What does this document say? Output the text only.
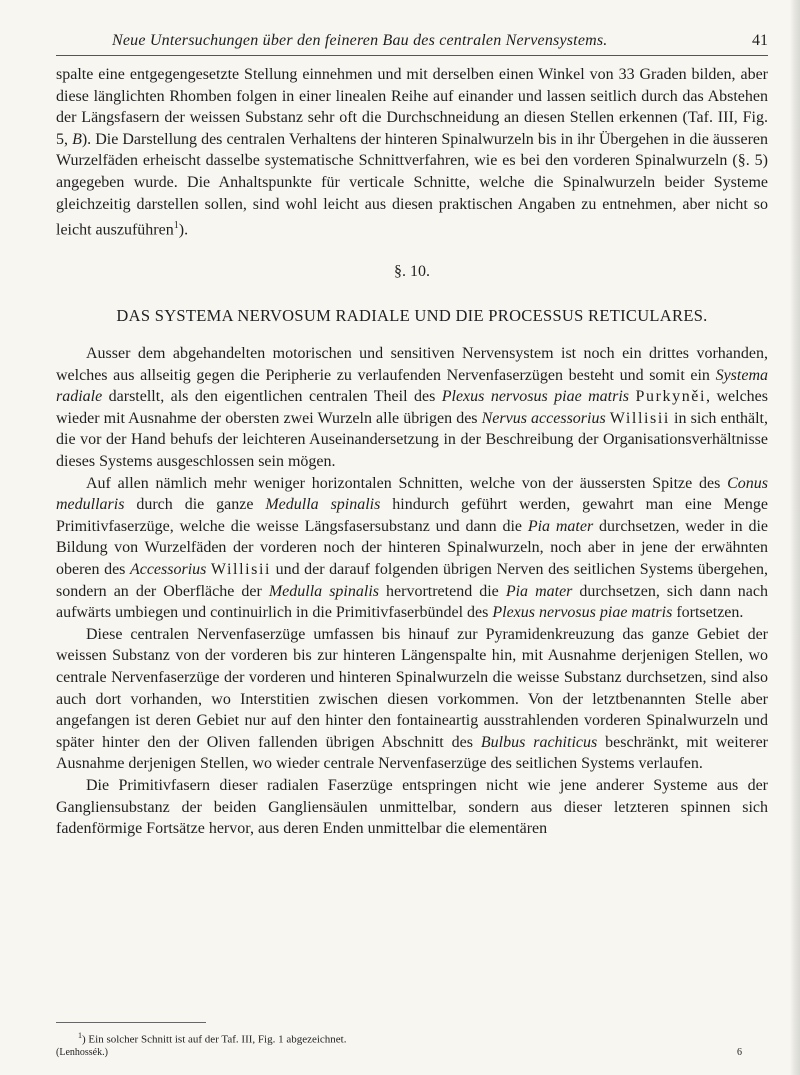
Neue Untersuchungen über den feineren Bau des centralen Nervensystems.	41

spalte eine entgegengesetzte Stellung einnehmen und mit derselben einen Winkel von 33 Graden bilden, aber diese länglichten Rhomben folgen in einer linealen Reihe auf einander und lassen seitlich durch das Abstehen der Längsfasern der weissen Substanz sehr oft die Durchschneidung an diesen Stellen erkennen (Taf. III, Fig. 5, B). Die Darstellung des centralen Verhaltens der hinteren Spinalwurzeln bis in ihr Übergehen in die äusseren Wurzelfäden erheischt dasselbe systematische Schnittverfahren, wie es bei den vorderen Spinalwurzeln (§. 5) angegeben wurde. Die Anhaltspunkte für verticale Schnitte, welche die Spinalwurzeln beider Systeme gleichzeitig darstellen sollen, sind wohl leicht aus diesen praktischen Angaben zu entnehmen, aber nicht so leicht auszuführen$^1$).

§. 10.
DAS SYSTEMA NERVOSUM RADIALE UND DIE PROCESSUS RETICULARES.

Ausser dem abgehandelten motorischen und sensitiven Nervensystem ist noch ein drittes vorhanden, welches aus allseitig gegen die Peripherie zu verlaufenden Nervenfaserzügen besteht und somit ein Systema radiale darstellt, als den eigentlichen centralen Theil des Plexus nervosus piae matris Purkyněi, welches wieder mit Ausnahme der obersten zwei Wurzeln alle übrigen des Nervus accessorius Willisii in sich enthält, die vor der Hand behufs der leichteren Auseinandersetzung in der Beschreibung der Organisationsverhältnisse dieses Systems ausgeschlossen sein mögen.

Auf allen nämlich mehr weniger horizontalen Schnitten, welche von der äussersten Spitze des Conus medullaris durch die ganze Medulla spinalis hindurch geführt werden, gewahrt man eine Menge Primitivfaserzüge, welche die weisse Längsfasersubstanz und dann die Pia mater durchsetzen, weder in die Bildung von Wurzelfäden der vorderen noch der hinteren Spinalwurzeln, noch aber in jene der erwähnten oberen des Accessorius Willisii und der darauf folgenden übrigen Nerven des seitlichen Systems übergehen, sondern an der Oberfläche der Medulla spinalis hervortretend die Pia mater durchsetzen, sich dann nach aufwärts umbiegen und continuirlich in die Primitivfaserbündel des Plexus nervosus piae matris fortsetzen.

Diese centralen Nervenfaserzüge umfassen bis hinauf zur Pyramidenkreuzung das ganze Gebiet der weissen Substanz von der vorderen bis zur hinteren Längenspalte hin, mit Ausnahme derjenigen Stellen, wo centrale Nervenfaserzüge der vorderen und hinteren Spinalwurzeln die weisse Substanz durchsetzen, sind also auch dort vorhanden, wo Interstitien zwischen diesen vorkommen. Von der letztbenannten Stelle aber angefangen ist deren Gebiet nur auf den hinter den fontaineartig ausstrahlenden vorderen Spinalwurzeln und später hinter den der Oliven fallenden übrigen Abschnitt des Bulbus rachiticus beschränkt, mit weiterer Ausnahme derjenigen Stellen, wo wieder centrale Nervenfaserzüge des seitlichen Systems verlaufen.

Die Primitivfasern dieser radialen Faserzüge entspringen nicht wie jene anderer Systeme aus der Gangliensubstanz der beiden Gangliensäulen unmittelbar, sondern aus dieser letzteren spinnen sich fadenförmige Fortsätze hervor, aus deren Enden unmittelbar die elementären

$^1$) Ein solcher Schnitt ist auf der Taf. III, Fig. 1 abgezeichnet.
(Lenhossék.)	6
